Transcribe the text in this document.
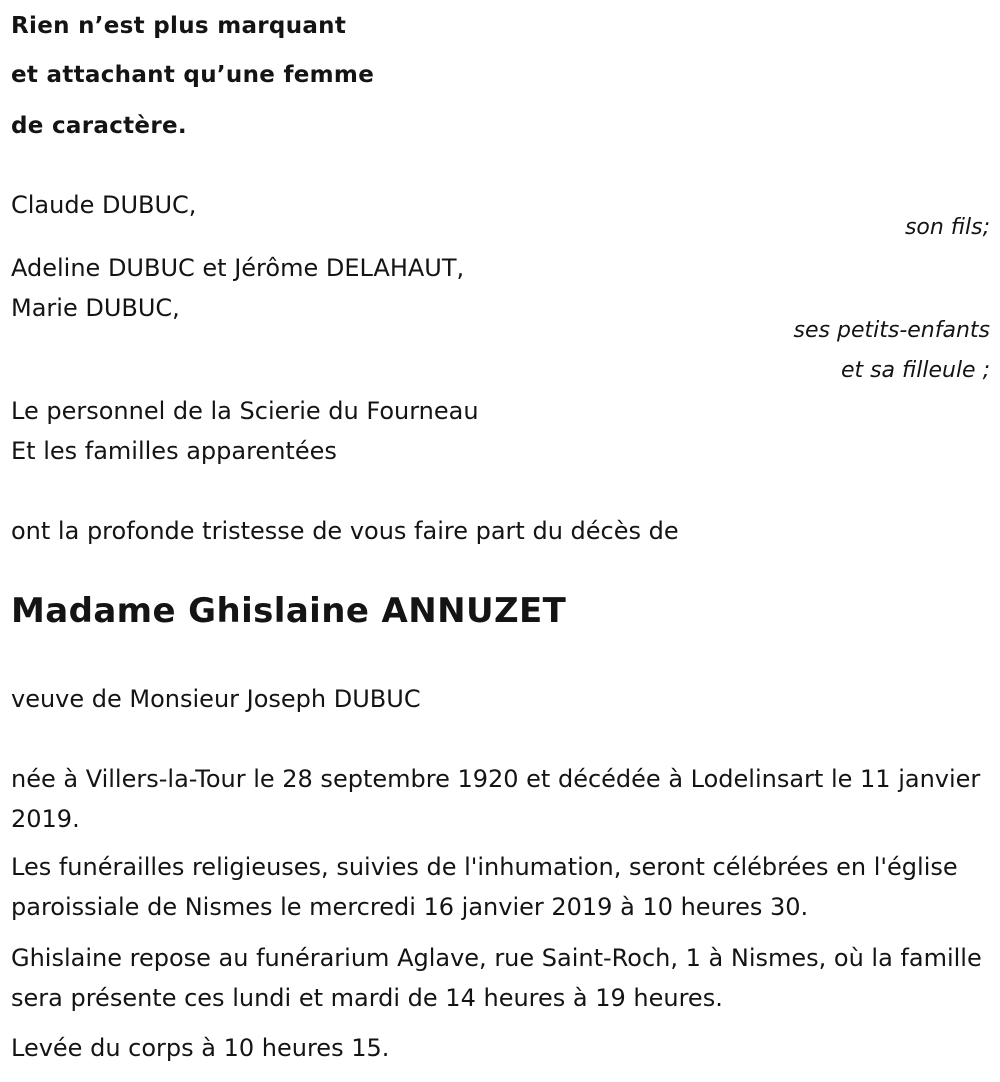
Rien n’est plus marquant

et attachant qu’une femme

de caractère.

Claude DUBUC,

son fils;

Adeline DUBUC et Jérôme DELAHAUT,

Marie DUBUC,

ses petits-enfants

et sa filleule ;

Le personnel de la Scierie du Fourneau

Et les familles apparentées

ont la profonde tristesse de vous faire part du décès de

Madame Ghislaine ANNUZET

veuve de Monsieur Joseph DUBUC

née à Villers-la-Tour le 28 septembre 1920 et décédée à Lodelinsart le 11 janvier 2019.

Les funérailles religieuses, suivies de l'inhumation, seront célébrées en l'église paroissiale de Nismes le mercredi 16 janvier 2019 à 10 heures 30.

Ghislaine repose au funérarium Aglave, rue Saint-Roch, 1 à Nismes, où la famille sera présente ces lundi et mardi de 14 heures à 19 heures.

Levée du corps à 10 heures 15.
